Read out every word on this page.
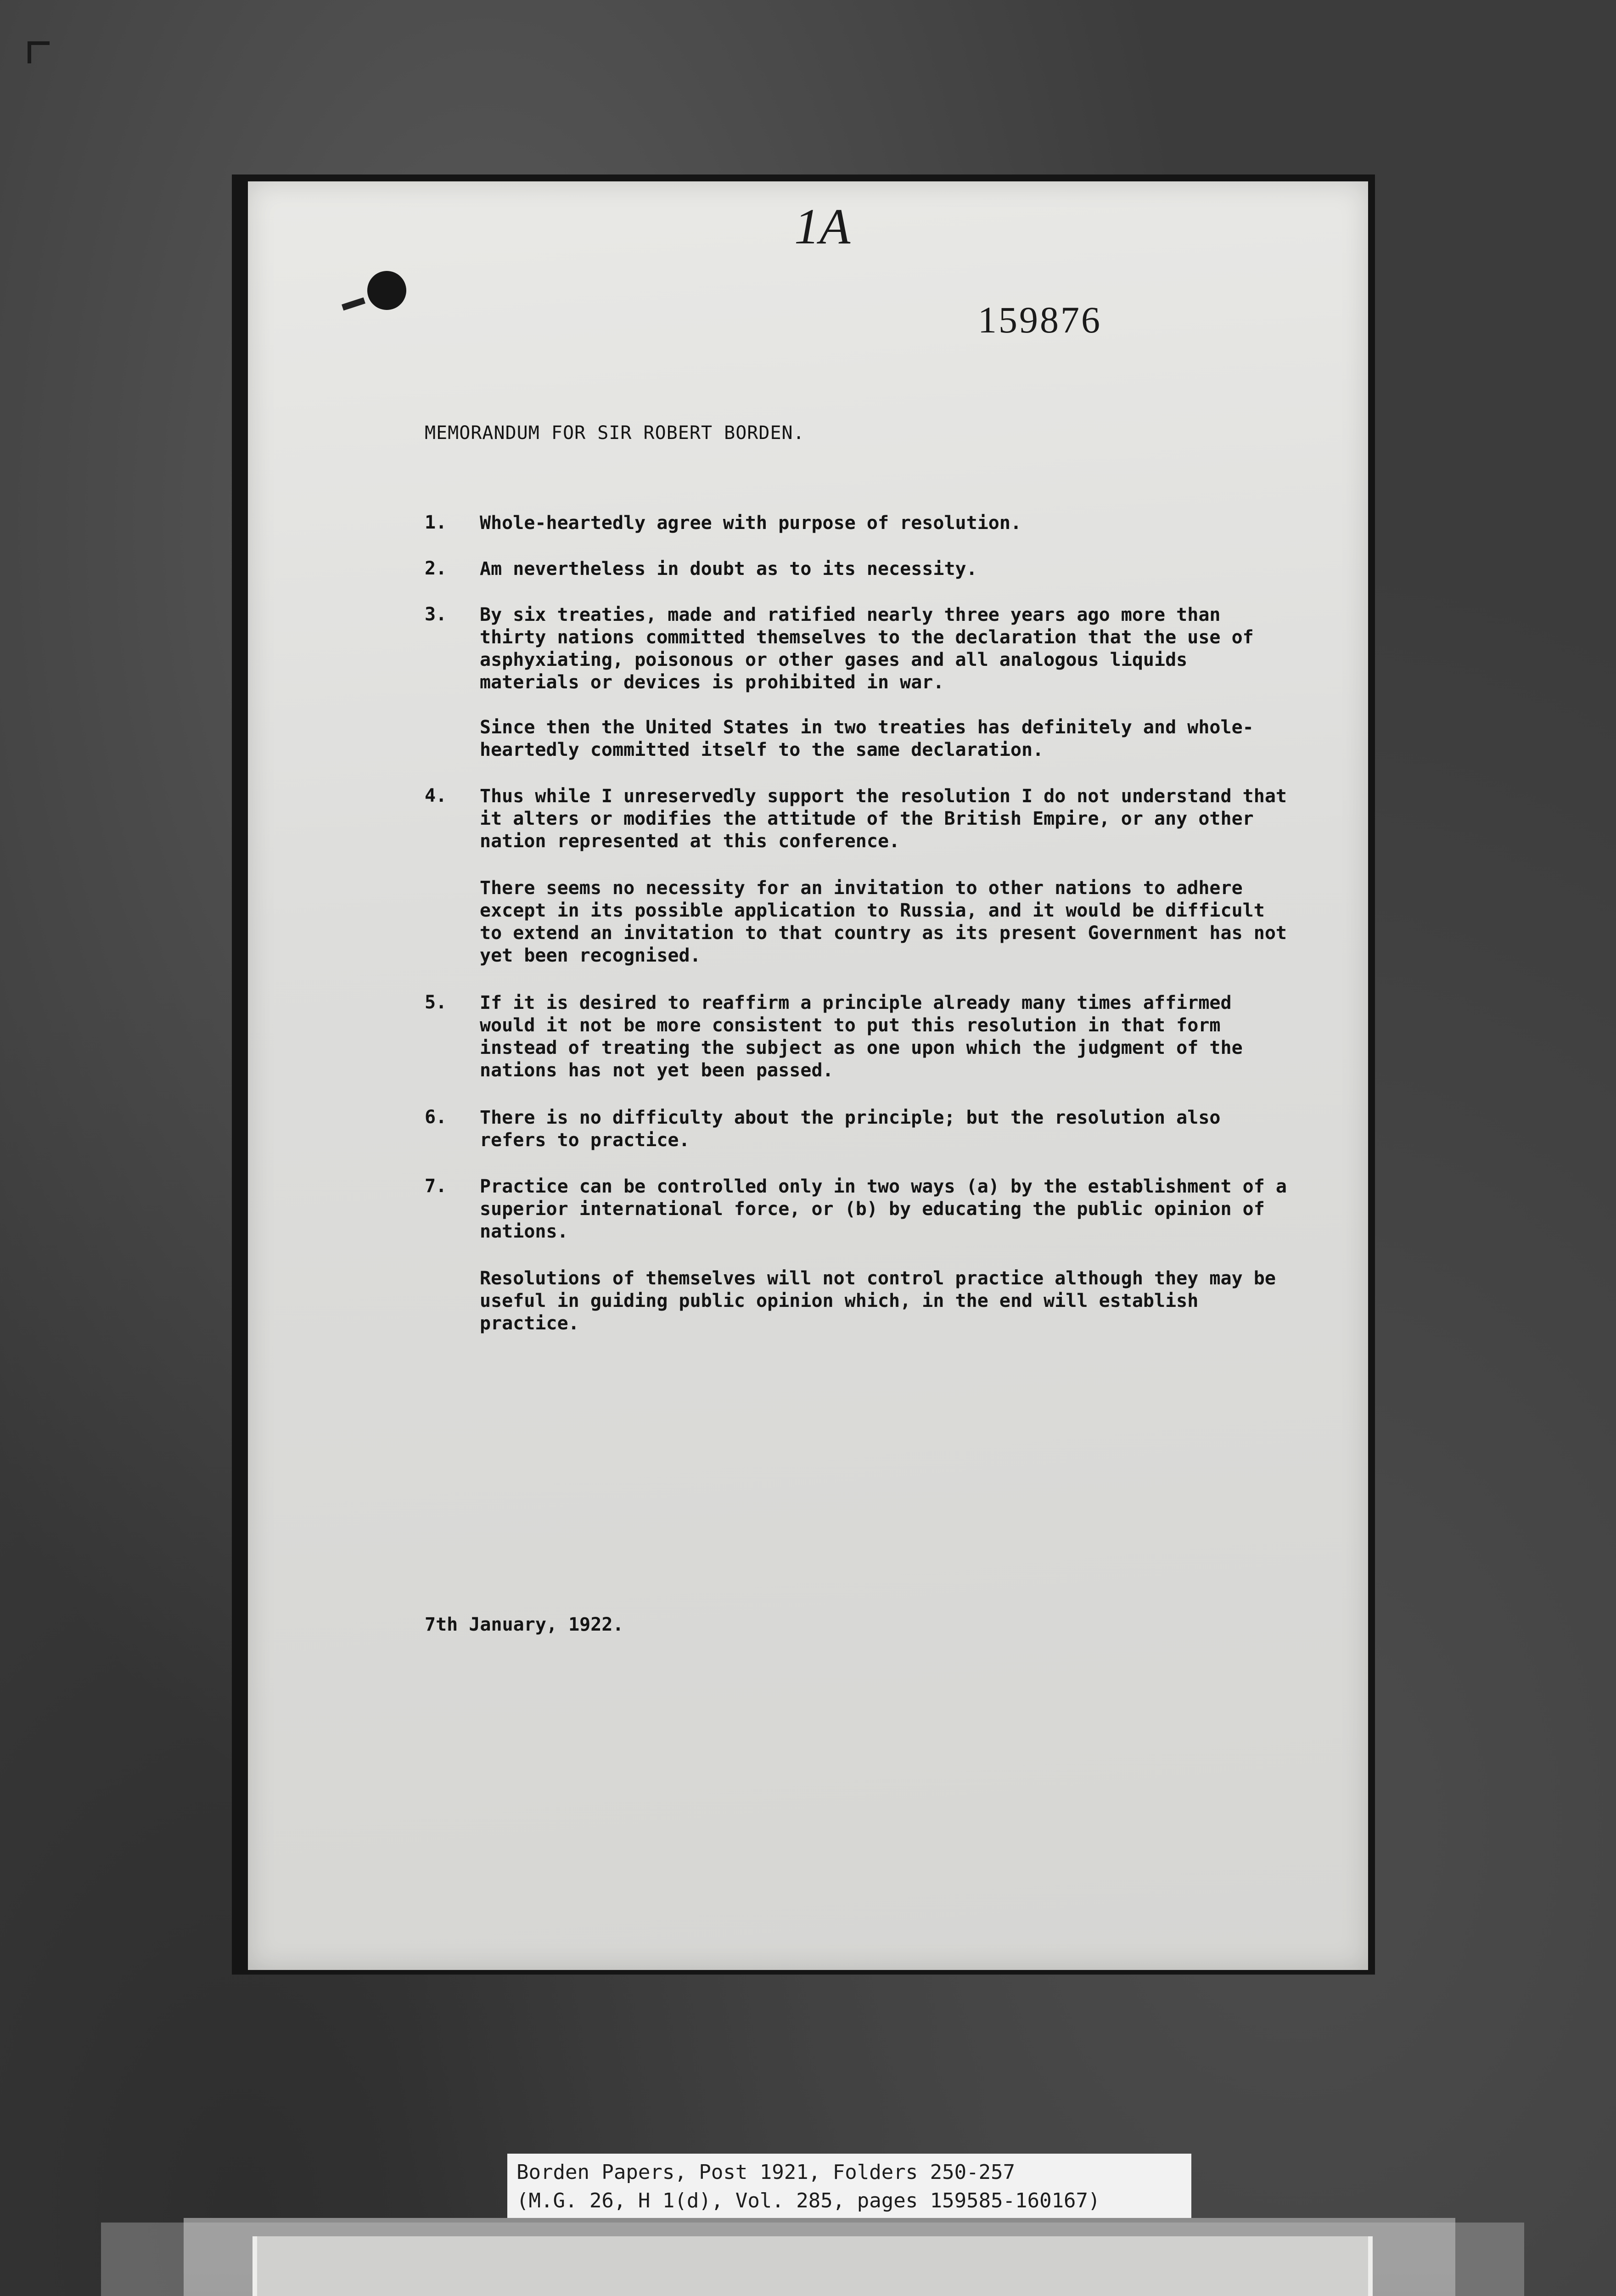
1A
159876
MEMORANDUM FOR SIR ROBERT BORDEN.
1. Whole-heartedly agree with purpose of resolution.
2. Am nevertheless in doubt as to its necessity.
3. By six treaties, made and ratified nearly three years ago more than thirty nations committed themselves to the declaration that the use of asphyxiating, poisonous or other gases and all analogous liquids materials or devices is prohibited in war.
Since then the United States in two treaties has definitely and whole-heartedly committed itself to the same declaration.
4. Thus while I unreservedly support the resolution I do not understand that it alters or modifies the attitude of the British Empire, or any other nation represented at this conference.
There seems no necessity for an invitation to other nations to adhere except in its possible application to Russia, and it would be difficult to extend an invitation to that country as its present Government has not yet been recognised.
5. If it is desired to reaffirm a principle already many times affirmed would it not be more consistent to put this resolution in that form instead of treating the subject as one upon which the judgment of the nations has not yet been passed.
6. There is no difficulty about the principle; but the resolution also refers to practice.
7. Practice can be controlled only in two ways (a) by the establishment of a superior international force, or (b) by educating the public opinion of nations.
Resolutions of themselves will not control practice although they may be useful in guiding public opinion which, in the end will establish practice.
7th January, 1922.
Borden Papers, Post 1921, Folders 250-257
(M.G. 26, H 1(d), Vol. 285, pages 159585-160167)
